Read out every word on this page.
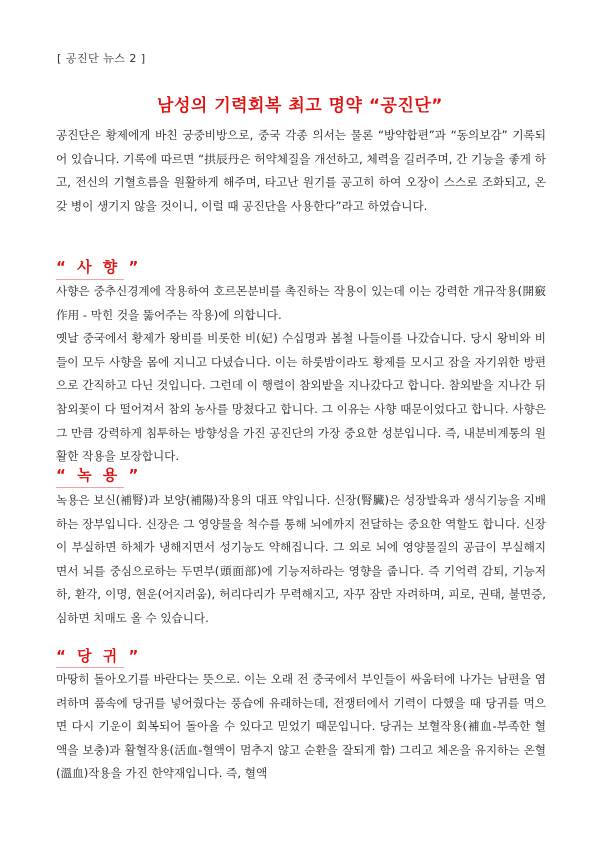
[ 공진단 뉴스 2 ]
남성의 기력회복 최고 명약 “공진단”

공진단은 황제에게 바친 궁중비방으로, 중국 각종 의서는 물론 “방약합편”과 “동의보감” 기록되어 있습니다. 기록에 따르면 “拱辰丹은 허약체질을 개선하고, 체력을 길러주며, 간 기능을 좋게 하고, 전신의 기혈흐름을 원활하게 해주며, 타고난 원기를 공고히 하여 오장이 스스로 조화되고, 온갖 병이 생기지 않을 것이니, 이럴 때 공진단을 사용한다”라고 하였습니다.

“ 사 향 ”

사향은 중추신경계에 작용하여 호르몬분비를 촉진하는 작용이 있는데 이는 강력한 개규작용(開竅作用 - 막힌 것을 뚫어주는 작용)에 의합니다.

옛날 중국에서 황제가 왕비를 비롯한 비(妃) 수십명과 봄철 나들이를 나갔습니다. 당시 왕비와 비들이 모두 사향을 몸에 지니고 다녔습니다. 이는 하룻밤이라도 황제를 모시고 잠을 자기위한 방편으로 간직하고 다닌 것입니다. 그런데 이 행렬이 참외밭을 지나갔다고 합니다. 참외밭을 지나간 뒤 참외꽃이 다 떨어져서 참외 농사를 망쳤다고 합니다. 그 이유는 사향 때문이었다고 합니다. 사향은 그 만큼 강력하게 침투하는 방향성을 가진 공진단의 가장 중요한 성분입니다. 즉, 내분비계통의 원활한 작용을 보장합니다.

“ 녹 용 ”

녹용은 보신(補腎)과 보양(補陽)작용의 대표 약입니다. 신장(腎臟)은 성장발육과 생식기능을 지배하는 장부입니다. 신장은 그 영양물을 척수를 통해 뇌에까지 전달하는 중요한 역할도 합니다. 신장이 부실하면 하체가 냉해지면서 성기능도 약해집니다. 그 외로 뇌에 영양물질의 공급이 부실해지면서 뇌를 중심으로하는 두면부(頭面部)에 기능저하라는 영향을 줍니다. 즉 기억력 감퇴, 기능저하, 환각, 이명, 현운(어지러움), 허리다리가 무력해지고, 자꾸 잠만 자려하며, 피로, 권태, 불면증, 심하면 치매도 올 수 있습니다.

“ 당 귀 ”

마땅히 돌아오기를 바란다는 뜻으로. 이는 오래 전 중국에서 부인들이 싸움터에 나가는 남편을 염려하며 품속에 당귀를 넣어줬다는 풍습에 유래하는데, 전쟁터에서 기력이 다했을 때 당귀를 먹으면 다시 기운이 회복되어 돌아올 수 있다고 믿었기 때문입니다. 당귀는 보혈작용(補血-부족한 혈액을 보충)과 활혈작용(活血-혈액이 멈추지 않고 순환을 잘되게 함) 그리고 체온을 유지하는 온혈(溫血)작용을 가진 한약재입니다. 즉, 혈액
